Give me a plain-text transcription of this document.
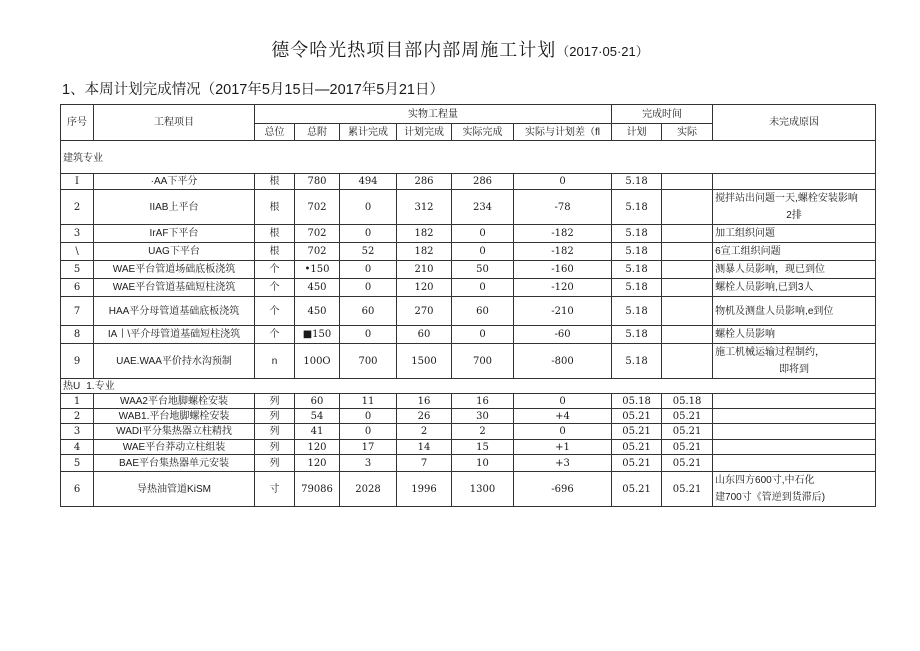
德令哈光热项目部内部周施工计划（2017·05·21）
1、本周计划完成情况（2017年5月15日—2017年5月21日）
序号	工程项目	实物工程量						完成时间		未完成原因
		总位	总附	累计完成	计划完成	实际完成	实际与计划差（fl	计划	实际	
建筑专业										
I	·AA下平分	根	780	494	286	286	0	5.18		
2	IIAB上平台	根	702	0	312	234	-78	5.18		搅拌站出问题一天,螺栓安装影响
2排

3	IrAF下平台	根	702	0	182	0	-182	5.18		加工组织问题

\	UAG下平台	根	702	52	182	0	-182	5.18		6宣工组织问题

5	WAE平台管道场础底板浇筑	个	•150	0	210	50	-160	5.18		测暴人员影响，现已到位

6	WAE平台管道基础短柱浇筑	个	450	0	120	0	-120	5.18		螺栓人员影响,已到3人

7	HAA平分母管道基础底板浇筑	个	450	60	270	60	-210	5.18		物机及测盘人员影响,e到位

8	IA丨\平介母管道基础短柱浇筑	个	■150	0	60	0	-60	5.18		螺栓人员影响

9	UAE.WAA平价持水沟预制	n	100O	700	1500	700	-800	5.18		施工机械运输过程制约，
即将到

热U 1.专业										
1	WAA2平台地脚螺栓安装	列	60	11	16	16	0	05.18	05.18	
2	WAB1.平台地脚螺栓安装	列	54	0	26	30	+4	05.21	05.21	
3	WADI平分集热器立柱精找	列	41	0	2	2	0	05.21	05.21	
4	WAE平台莽动立柱组装	列	120	17	14	15	+1	05.21	05.21	
5	BAE平台集热器单元安装	列	120	3	7	10	+3	05.21	05.21	
6	导热油管道KiSM	寸	79086	2028	1996	1300	-696	05.21	05.21	山东四方600寸,中石化
建700寸《管逆到货滞后)
